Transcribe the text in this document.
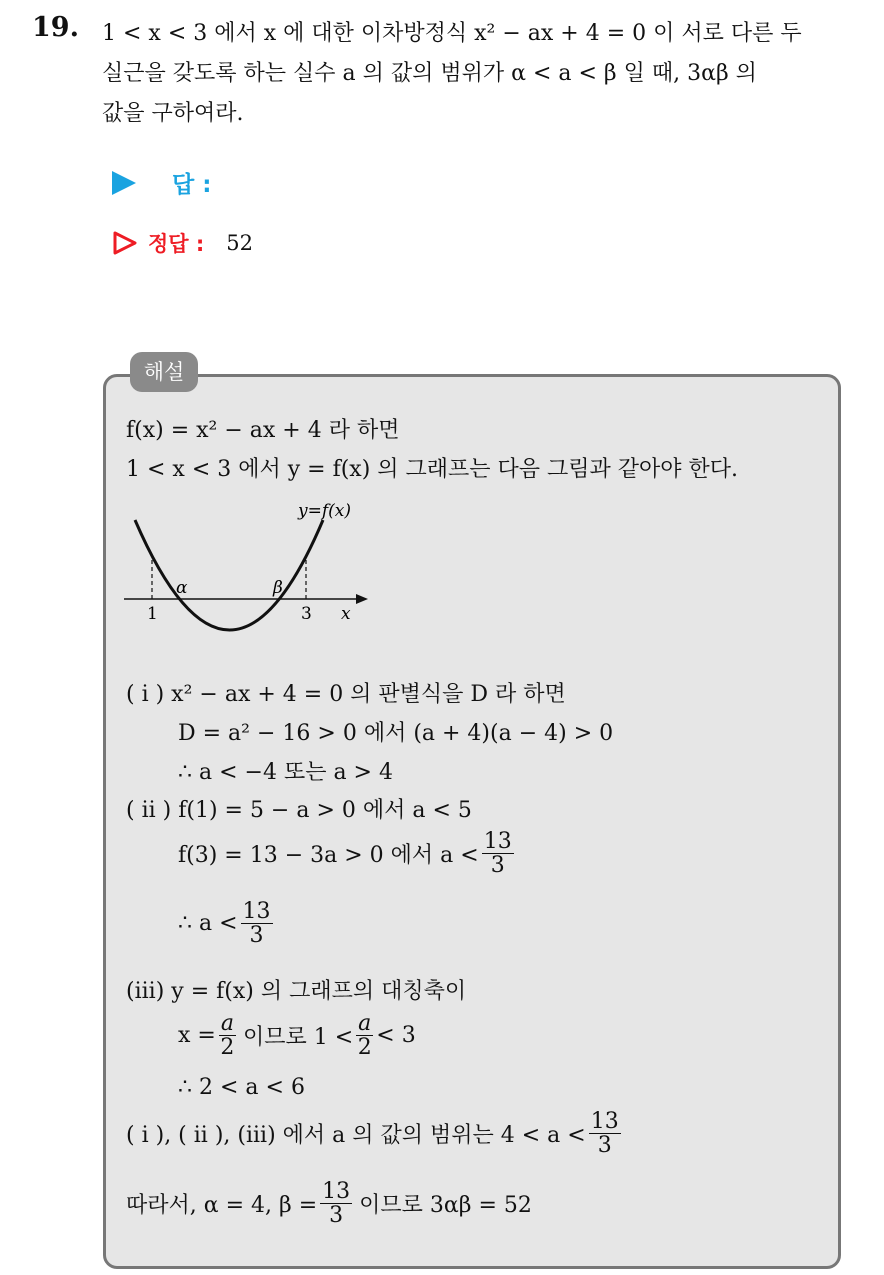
19. 1 < x < 3 에서 x 에 대한 이차방정식 x² − ax + 4 = 0 이 서로 다른 두
실근을 갖도록 하는 실수 a 의 값의 범위가 α < a < β 일 때, 3αβ 의
값을 구하여라.
답 :
정답 : 52
해설
f(x) = x² − ax + 4 라 하면
1 < x < 3 에서 y = f(x) 의 그래프는 다음 그림과 같아야 한다.
y=f(x)
α	β
1	3 x
( i ) x² − ax + 4 = 0 의 판별식을 D 라 하면
D = a² − 16 > 0 에서 (a + 4)(a − 4) > 0
∴ a < −4 또는 a > 4
( ii ) f(1) = 5 − a > 0 에서 a < 5
f(3) = 13 − 3a > 0 에서 $a < \frac{13}{3}$
∴ $a < \frac{13}{3}$
(iii) y = f(x) 의 그래프의 대칭축이
$x = \frac{a}{2}$ 이므로 $1 < \frac{a}{2} < 3$
∴ 2 < a < 6
( i ), ( ii ), (iii) 에서 a 의 값의 범위는 $4 < a < \frac{13}{3}$
따라서, α = 4, $\beta = \frac{13}{3}$ 이므로 3αβ = 52
